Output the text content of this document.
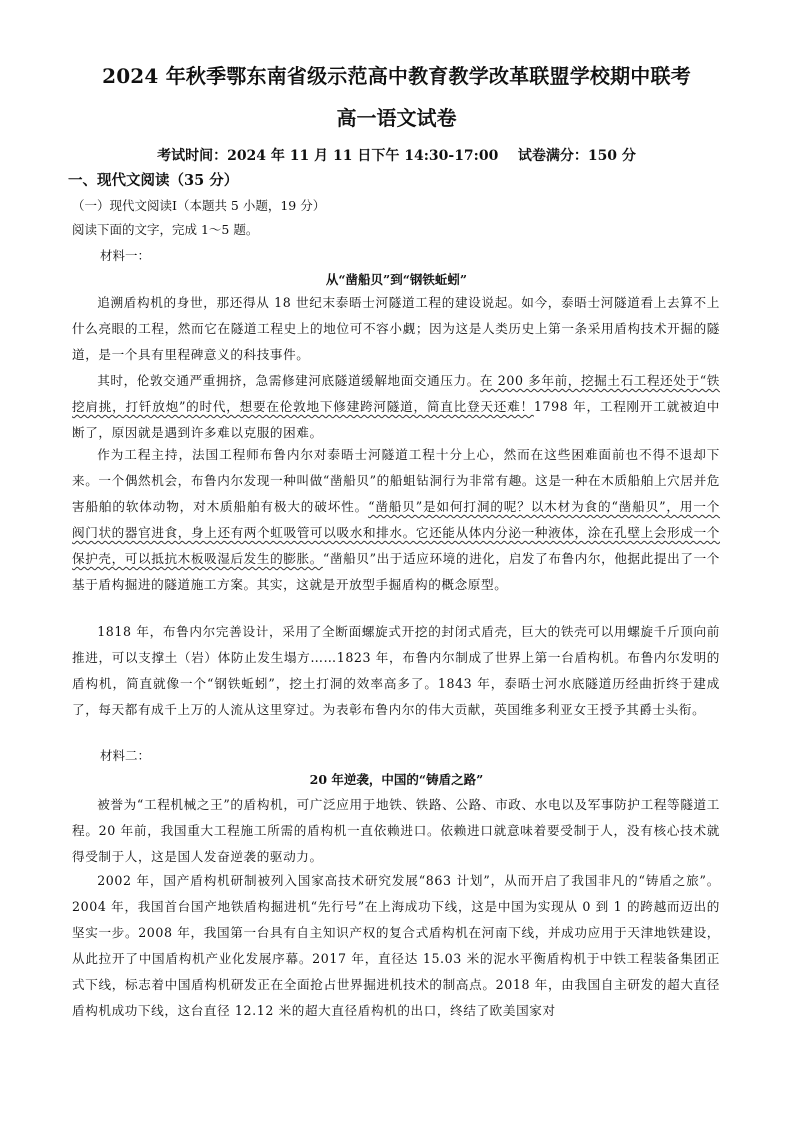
2024 年秋季鄂东南省级示范高中教育教学改革联盟学校期中联考
高一语文试卷
考试时间：2024 年 11 月 11 日下午 14:30-17:00    试卷满分：150 分
一、现代文阅读（35 分）
（一）现代文阅读Ⅰ（本题共 5 小题，19 分）
阅读下面的文字，完成 1～5 题。
材料一：
从“凿船贝”到“钢铁蚯蚓”

追溯盾构机的身世，那还得从 18 世纪末泰晤士河隧道工程的建设说起。如今，泰晤士河隧道看上去算不上什么亮眼的工程，然而它在隧道工程史上的地位可不容小觑；因为这是人类历史上第一条采用盾构技术开掘的隧道，是一个具有里程碑意义的科技事件。

其时，伦敦交通严重拥挤，急需修建河底隧道缓解地面交通压力。在 200 多年前，挖掘土石工程还处于“铁挖肩挑，打钎放炮”的时代，想要在伦敦地下修建跨河隧道，简直比登天还难！1798 年，工程刚开工就被迫中断了，原因就是遇到许多难以克服的困难。

作为工程主持，法国工程师布鲁内尔对泰晤士河隧道工程十分上心，然而在这些困难面前也不得不退却下来。一个偶然机会，布鲁内尔发现一种叫做“凿船贝”的船蛆钻洞行为非常有趣。这是一种在木质船舶上穴居并危害船舶的软体动物，对木质船舶有极大的破坏性。“凿船贝”是如何打洞的呢？以木材为食的“凿船贝”，用一个阀门状的器官进食，身上还有两个虹吸管可以吸水和排水。它还能从体内分泌一种液体，涂在孔壁上会形成一个保护壳，可以抵抗木板吸湿后发生的膨胀。“凿船贝”出于适应环境的进化，启发了布鲁内尔，他据此提出了一个基于盾构掘进的隧道施工方案。其实，这就是开放型手掘盾构的概念原型。

1818 年，布鲁内尔完善设计，采用了全断面螺旋式开挖的封闭式盾壳，巨大的铁壳可以用螺旋千斤顶向前推进，可以支撑土（岩）体防止发生塌方……1823 年，布鲁内尔制成了世界上第一台盾构机。布鲁内尔发明的盾构机，简直就像一个“钢铁蚯蚓”，挖土打洞的效率高多了。1843 年，泰晤士河水底隧道历经曲折终于建成了，每天都有成千上万的人流从这里穿过。为表彰布鲁内尔的伟大贡献，英国维多利亚女王授予其爵士头衔。

材料二：
20 年逆袭，中国的“铸盾之路”

被誉为“工程机械之王”的盾构机，可广泛应用于地铁、铁路、公路、市政、水电以及军事防护工程等隧道工程。20 年前，我国重大工程施工所需的盾构机一直依赖进口。依赖进口就意味着要受制于人，没有核心技术就得受制于人，这是国人发奋逆袭的驱动力。

2002 年，国产盾构机研制被列入国家高技术研究发展“863 计划”，从而开启了我国非凡的“铸盾之旅”。2004 年，我国首台国产地铁盾构掘进机“先行号”在上海成功下线，这是中国为实现从 0 到 1 的跨越而迈出的坚实一步。2008 年，我国第一台具有自主知识产权的复合式盾构机在河南下线，并成功应用于天津地铁建设，从此拉开了中国盾构机产业化发展序幕。2017 年，直径达 15.03 米的泥水平衡盾构机于中铁工程装备集团正式下线，标志着中国盾构机研发正在全面抢占世界掘进机技术的制高点。2018 年，由我国自主研发的超大直径盾构机成功下线，这台直径 12.12 米的超大直径盾构机的出口，终结了欧美国家对
